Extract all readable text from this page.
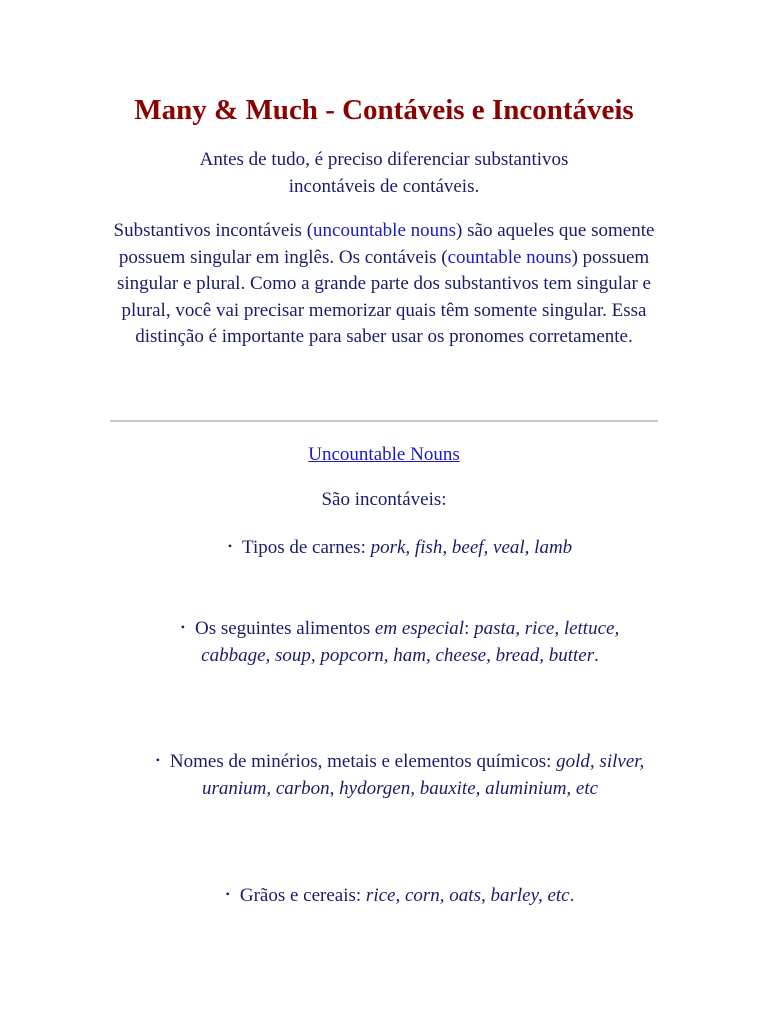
Many & Much - Contáveis e Incontáveis

Antes de tudo, é preciso diferenciar substantivos
incontáveis de contáveis.

Substantivos incontáveis (uncountable nouns) são aqueles que somente possuem singular em inglês. Os contáveis (countable nouns) possuem singular e plural. Como a grande parte dos substantivos tem singular e plural, você vai precisar memorizar quais têm somente singular. Essa distinção é importante para saber usar os pronomes corretamente.

Uncountable Nouns
São incontáveis:
• Tipos de carnes: pork, fish, beef, veal, lamb
• Os seguintes alimentos em especial: pasta, rice, lettuce, cabbage, soup, popcorn, ham, cheese, bread, butter.
• Nomes de minérios, metais e elementos químicos: gold, silver, uranium, carbon, hydorgen, bauxite, aluminium, etc
• Grãos e cereais: rice, corn, oats, barley, etc.
